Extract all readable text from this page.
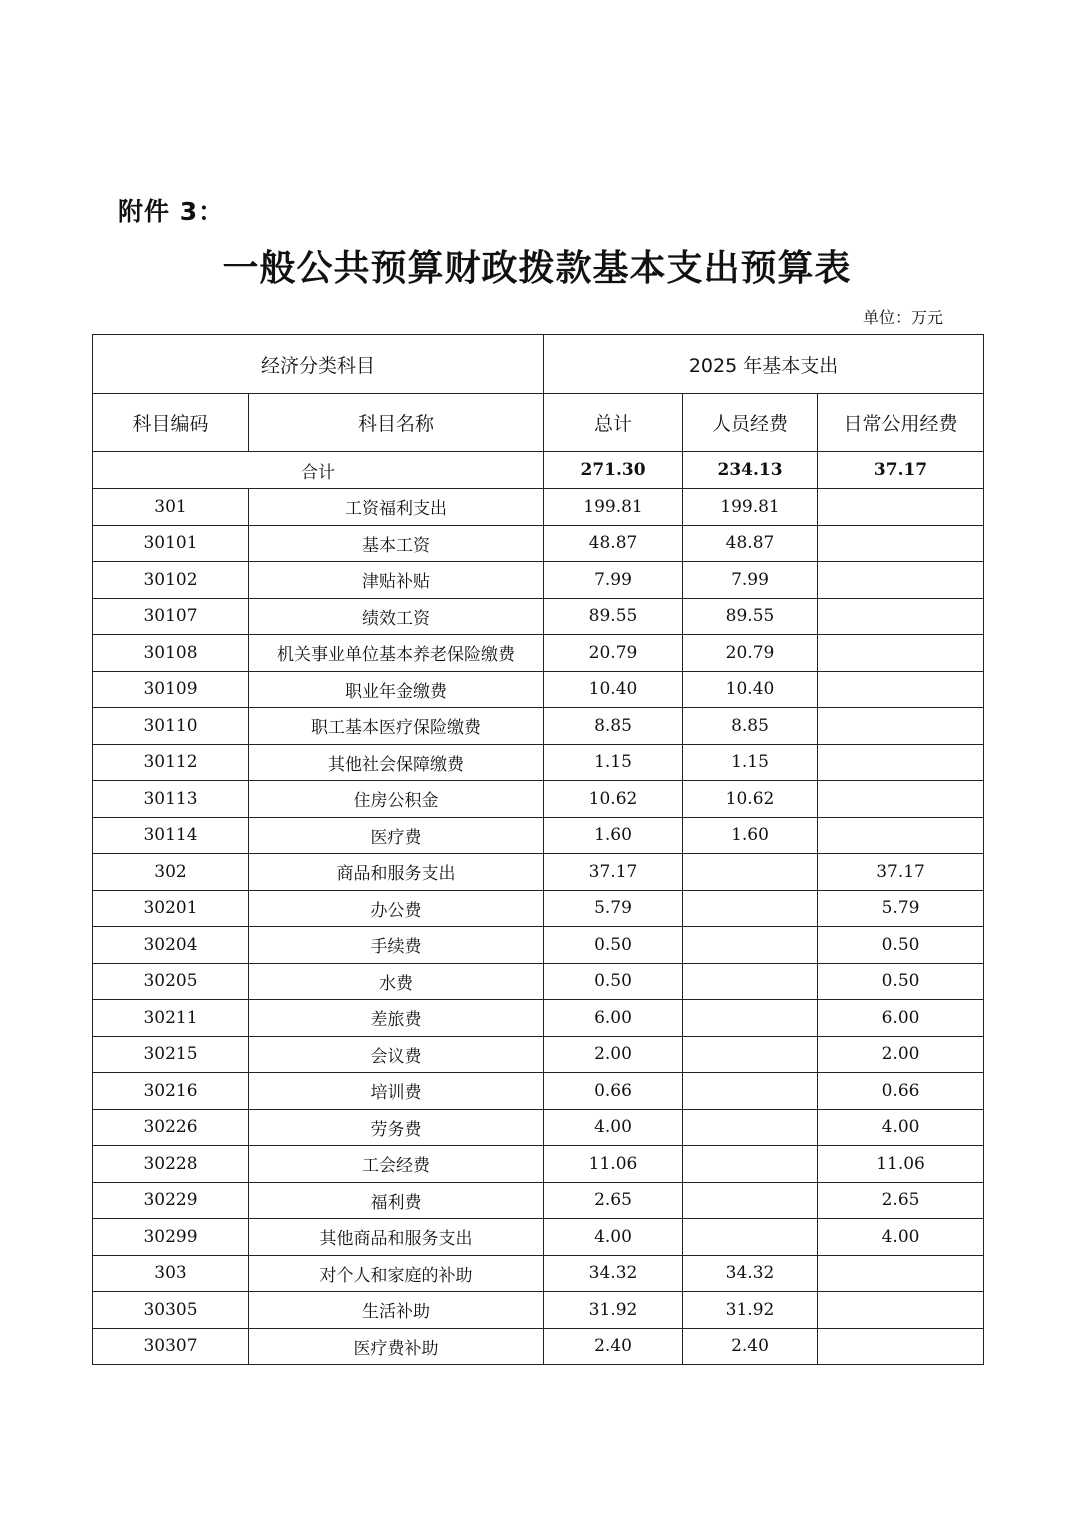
附件 3：
一般公共预算财政拨款基本支出预算表
单位：万元
经济分类科目		2025 年基本支出		
科目编码	科目名称	总计	人员经费	日常公用经费
合计		271.30	234.13	37.17
301	工资福利支出	199.81	199.81	
30101	基本工资	48.87	48.87	
30102	津贴补贴	7.99	7.99	
30107	绩效工资	89.55	89.55	
30108	机关事业单位基本养老保险缴费	20.79	20.79	
30109	职业年金缴费	10.40	10.40	
30110	职工基本医疗保险缴费	8.85	8.85	
30112	其他社会保障缴费	1.15	1.15	
30113	住房公积金	10.62	10.62	
30114	医疗费	1.60	1.60	
302	商品和服务支出	37.17		37.17
30201	办公费	5.79		5.79
30204	手续费	0.50		0.50
30205	水费	0.50		0.50
30211	差旅费	6.00		6.00
30215	会议费	2.00		2.00
30216	培训费	0.66		0.66
30226	劳务费	4.00		4.00
30228	工会经费	11.06		11.06
30229	福利费	2.65		2.65
30299	其他商品和服务支出	4.00		4.00
303	对个人和家庭的补助	34.32	34.32	
30305	生活补助	31.92	31.92	
30307	医疗费补助	2.40	2.40	
